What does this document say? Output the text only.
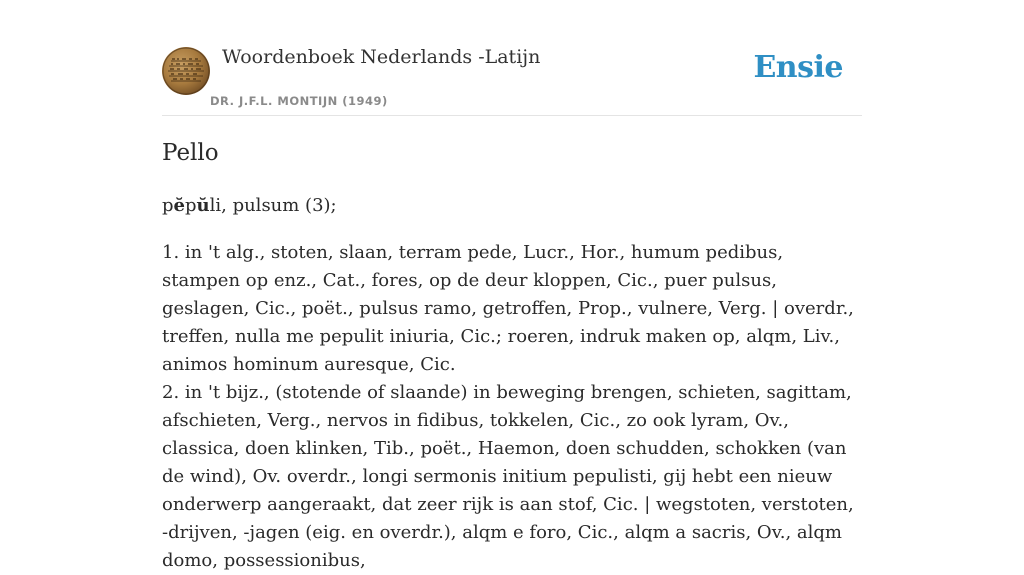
Woordenboek Nederlands -Latijn
DR. J.F.L. MONTIJN (1949)
Ensie
Pello
pĕpŭli, pulsum (3);

1. in 't alg., stoten, slaan, terram pede, Lucr., Hor., humum pedibus, stampen op enz., Cat., fores, op de deur kloppen, Cic., puer pulsus, geslagen, Cic., poët., pulsus ramo, getroffen, Prop., vulnere, Verg. | overdr., treffen, nulla me pepulit iniuria, Cic.; roeren, indruk maken op, alqm, Liv., animos hominum auresque, Cic.

2. in 't bijz., (stotende of slaande) in beweging brengen, schieten, sagittam, afschieten, Verg., nervos in fidibus, tokkelen, Cic., zo ook lyram, Ov., classica, doen klinken, Tib., poët., Haemon, doen schudden, schokken (van de wind), Ov. overdr., longi sermonis initium pepulisti, gij hebt een nieuw onderwerp aangeraakt, dat zeer rijk is aan stof, Cic. | wegstoten, verstoten, -drijven, -jagen (eig. en overdr.), alqm e foro, Cic., alqm a sacris, Ov., alqm domo, possessionibus,
